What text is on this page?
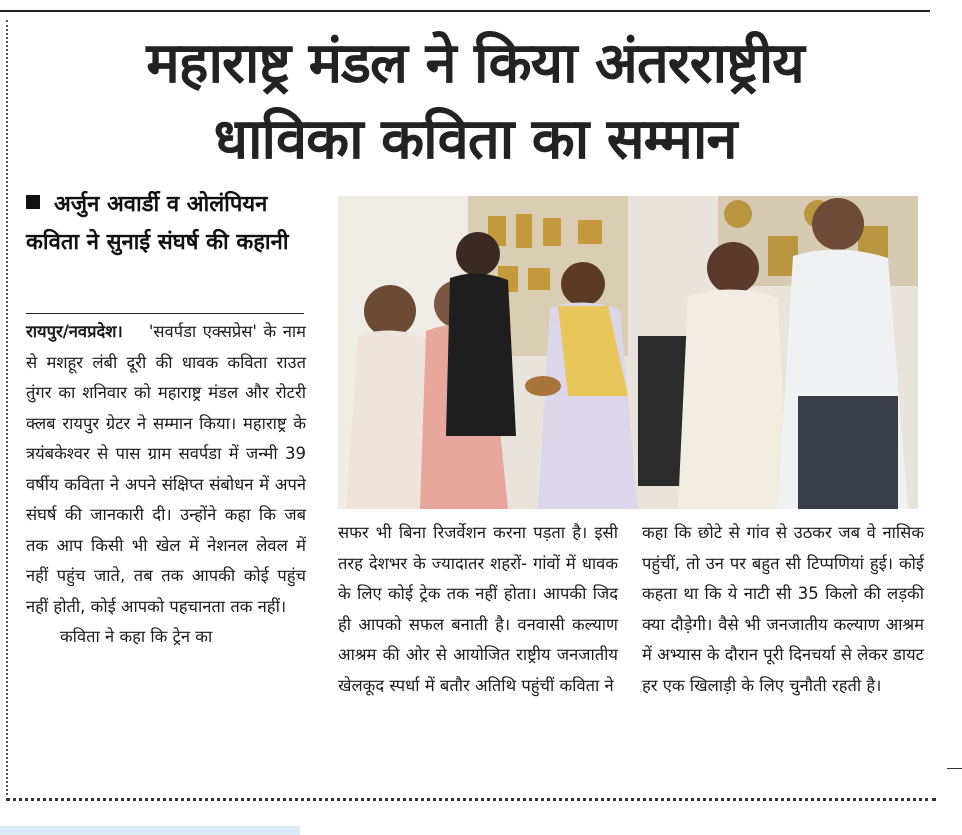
महाराष्ट्र मंडल ने किया अंतरराष्ट्रीय
धाविका कविता का सम्मान
अर्जुन अवार्डी व ओलंपियन कविता ने सुनाई संघर्ष की कहानी

रायपुर/नवप्रदेश। 'सवर्पडा एक्सप्रेस' के नाम से मशहूर लंबी दूरी की धावक कविता राउत तुंगर का शनिवार को महाराष्ट्र मंडल और रोटरी क्लब रायपुर ग्रेटर ने सम्मान किया। महाराष्ट्र के त्रयंबकेश्वर से पास ग्राम सवर्पडा में जन्मी 39 वर्षीय कविता ने अपने संक्षिप्त संबोधन में अपने संघर्ष की जानकारी दी। उन्होंने कहा कि जब तक आप किसी भी खेल में नेशनल लेवल में नहीं पहुंच जाते, तब तक आपकी कोई पहुंच नहीं होती, कोई आपको पहचानता तक नहीं।

कविता ने कहा कि ट्रेन का

सफर भी बिना रिजर्वेशन करना पड़ता है। इसी तरह देशभर के ज्यादातर शहरों- गांवों में धावक के लिए कोई ट्रेक तक नहीं होता। आपकी जिद ही आपको सफल बनाती है। वनवासी कल्याण आश्रम की ओर से आयोजित राष्ट्रीय जनजातीय खेलकूद स्पर्धा में बतौर अतिथि पहुंचीं कविता ने

कहा कि छोटे से गांव से उठकर जब वे नासिक पहुंचीं, तो उन पर बहुत सी टिप्पणियां हुई। कोई कहता था कि ये नाटी सी 35 किलो की लड़की क्या दौड़ेगी। वैसे भी जनजातीय कल्याण आश्रम में अभ्यास के दौरान पूरी दिनचर्या से लेकर डायट हर एक खिलाड़ी के लिए चुनौती रहती है।
